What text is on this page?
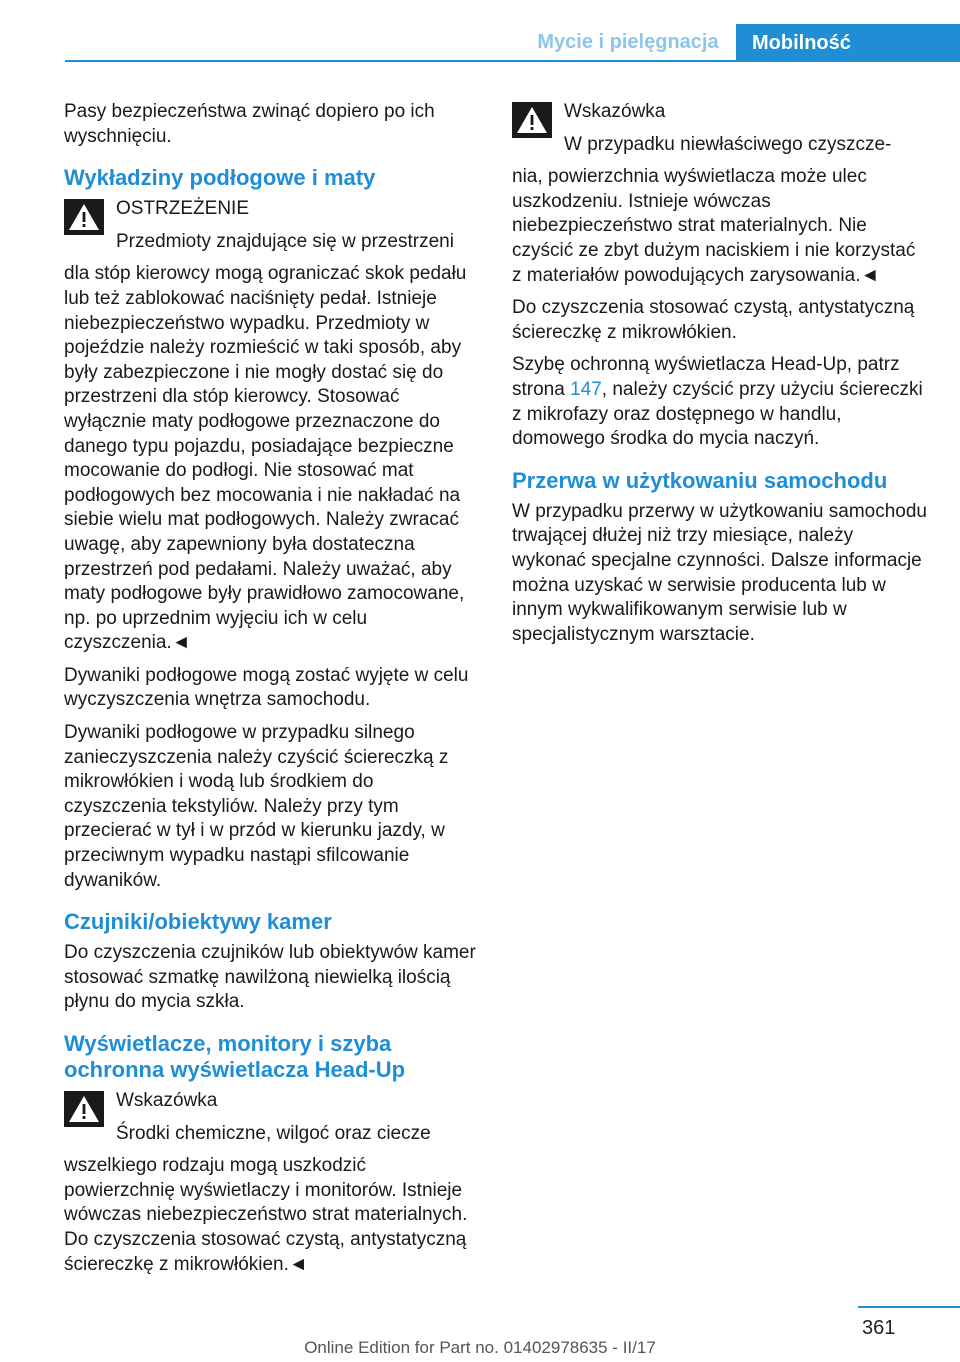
Mycie i pielęgnacja	Mobilność

Pasy bezpieczeństwa zwinąć dopiero po ich wyschnięciu.

Wykładziny podłogowe i maty
OSTRZEŻENIE
Przedmioty znajdujące się w przestrzeni

dla stóp kierowcy mogą ograniczać skok pedału lub też zablokować naciśnięty pedał. Istnieje niebezpieczeństwo wypadku. Przedmioty w pojeździe należy rozmieścić w taki sposób, aby były zabezpieczone i nie mogły dostać się do przestrzeni dla stóp kierowcy. Stosować wyłącznie maty podłogowe przeznaczone do danego typu pojazdu, posiadające bezpieczne mocowanie do podłogi. Nie stosować mat podłogowych bez mocowania i nie nakładać na siebie wielu mat podłogowych. Należy zwracać uwagę, aby zapewniony była dostateczna przestrzeń pod pedałami. Należy uważać, aby maty podłogowe były prawidłowo zamocowane, np. po uprzednim wyjęciu ich w celu czyszczenia.◄

Dywaniki podłogowe mogą zostać wyjęte w celu wyczyszczenia wnętrza samochodu.

Dywaniki podłogowe w przypadku silnego zanieczyszczenia należy czyścić ściereczką z mikrowłókien i wodą lub środkiem do czyszczenia tekstyliów. Należy przy tym przecierać w tył i w przód w kierunku jazdy, w przeciwnym wypadku nastąpi sfilcowanie dywaników.

Czujniki/obiektywy kamer

Do czyszczenia czujników lub obiektywów kamer stosować szmatkę nawilżoną niewielką ilością płynu do mycia szkła.

Wyświetlacze, monitory i szyba ochronna wyświetlacza Head-Up
Wskazówka
Środki chemiczne, wilgoć oraz ciecze

wszelkiego rodzaju mogą uszkodzić powierzchnię wyświetlaczy i monitorów. Istnieje wówczas niebezpieczeństwo strat materialnych. Do czyszczenia stosować czystą, antystatyczną ściereczkę z mikrowłókien.◄

Wskazówka
W przypadku niewłaściwego czyszcze-

nia, powierzchnia wyświetlacza może ulec uszkodzeniu. Istnieje wówczas niebezpieczeństwo strat materialnych. Nie czyścić ze zbyt dużym naciskiem i nie korzystać z materiałów powodujących zarysowania.◄

Do czyszczenia stosować czystą, antystatyczną ściereczkę z mikrowłókien.

Szybę ochronną wyświetlacza Head-Up, patrz strona 147, należy czyścić przy użyciu ściereczki z mikrofazy oraz dostępnego w handlu, domowego środka do mycia naczyń.

Przerwa w użytkowaniu samochodu

W przypadku przerwy w użytkowaniu samochodu trwającej dłużej niż trzy miesiące, należy wykonać specjalne czynności. Dalsze informacje można uzyskać w serwisie producenta lub w innym wykwalifikowanym serwisie lub w specjalistycznym warsztacie.

361
Online Edition for Part no. 01402978635 - II/17
